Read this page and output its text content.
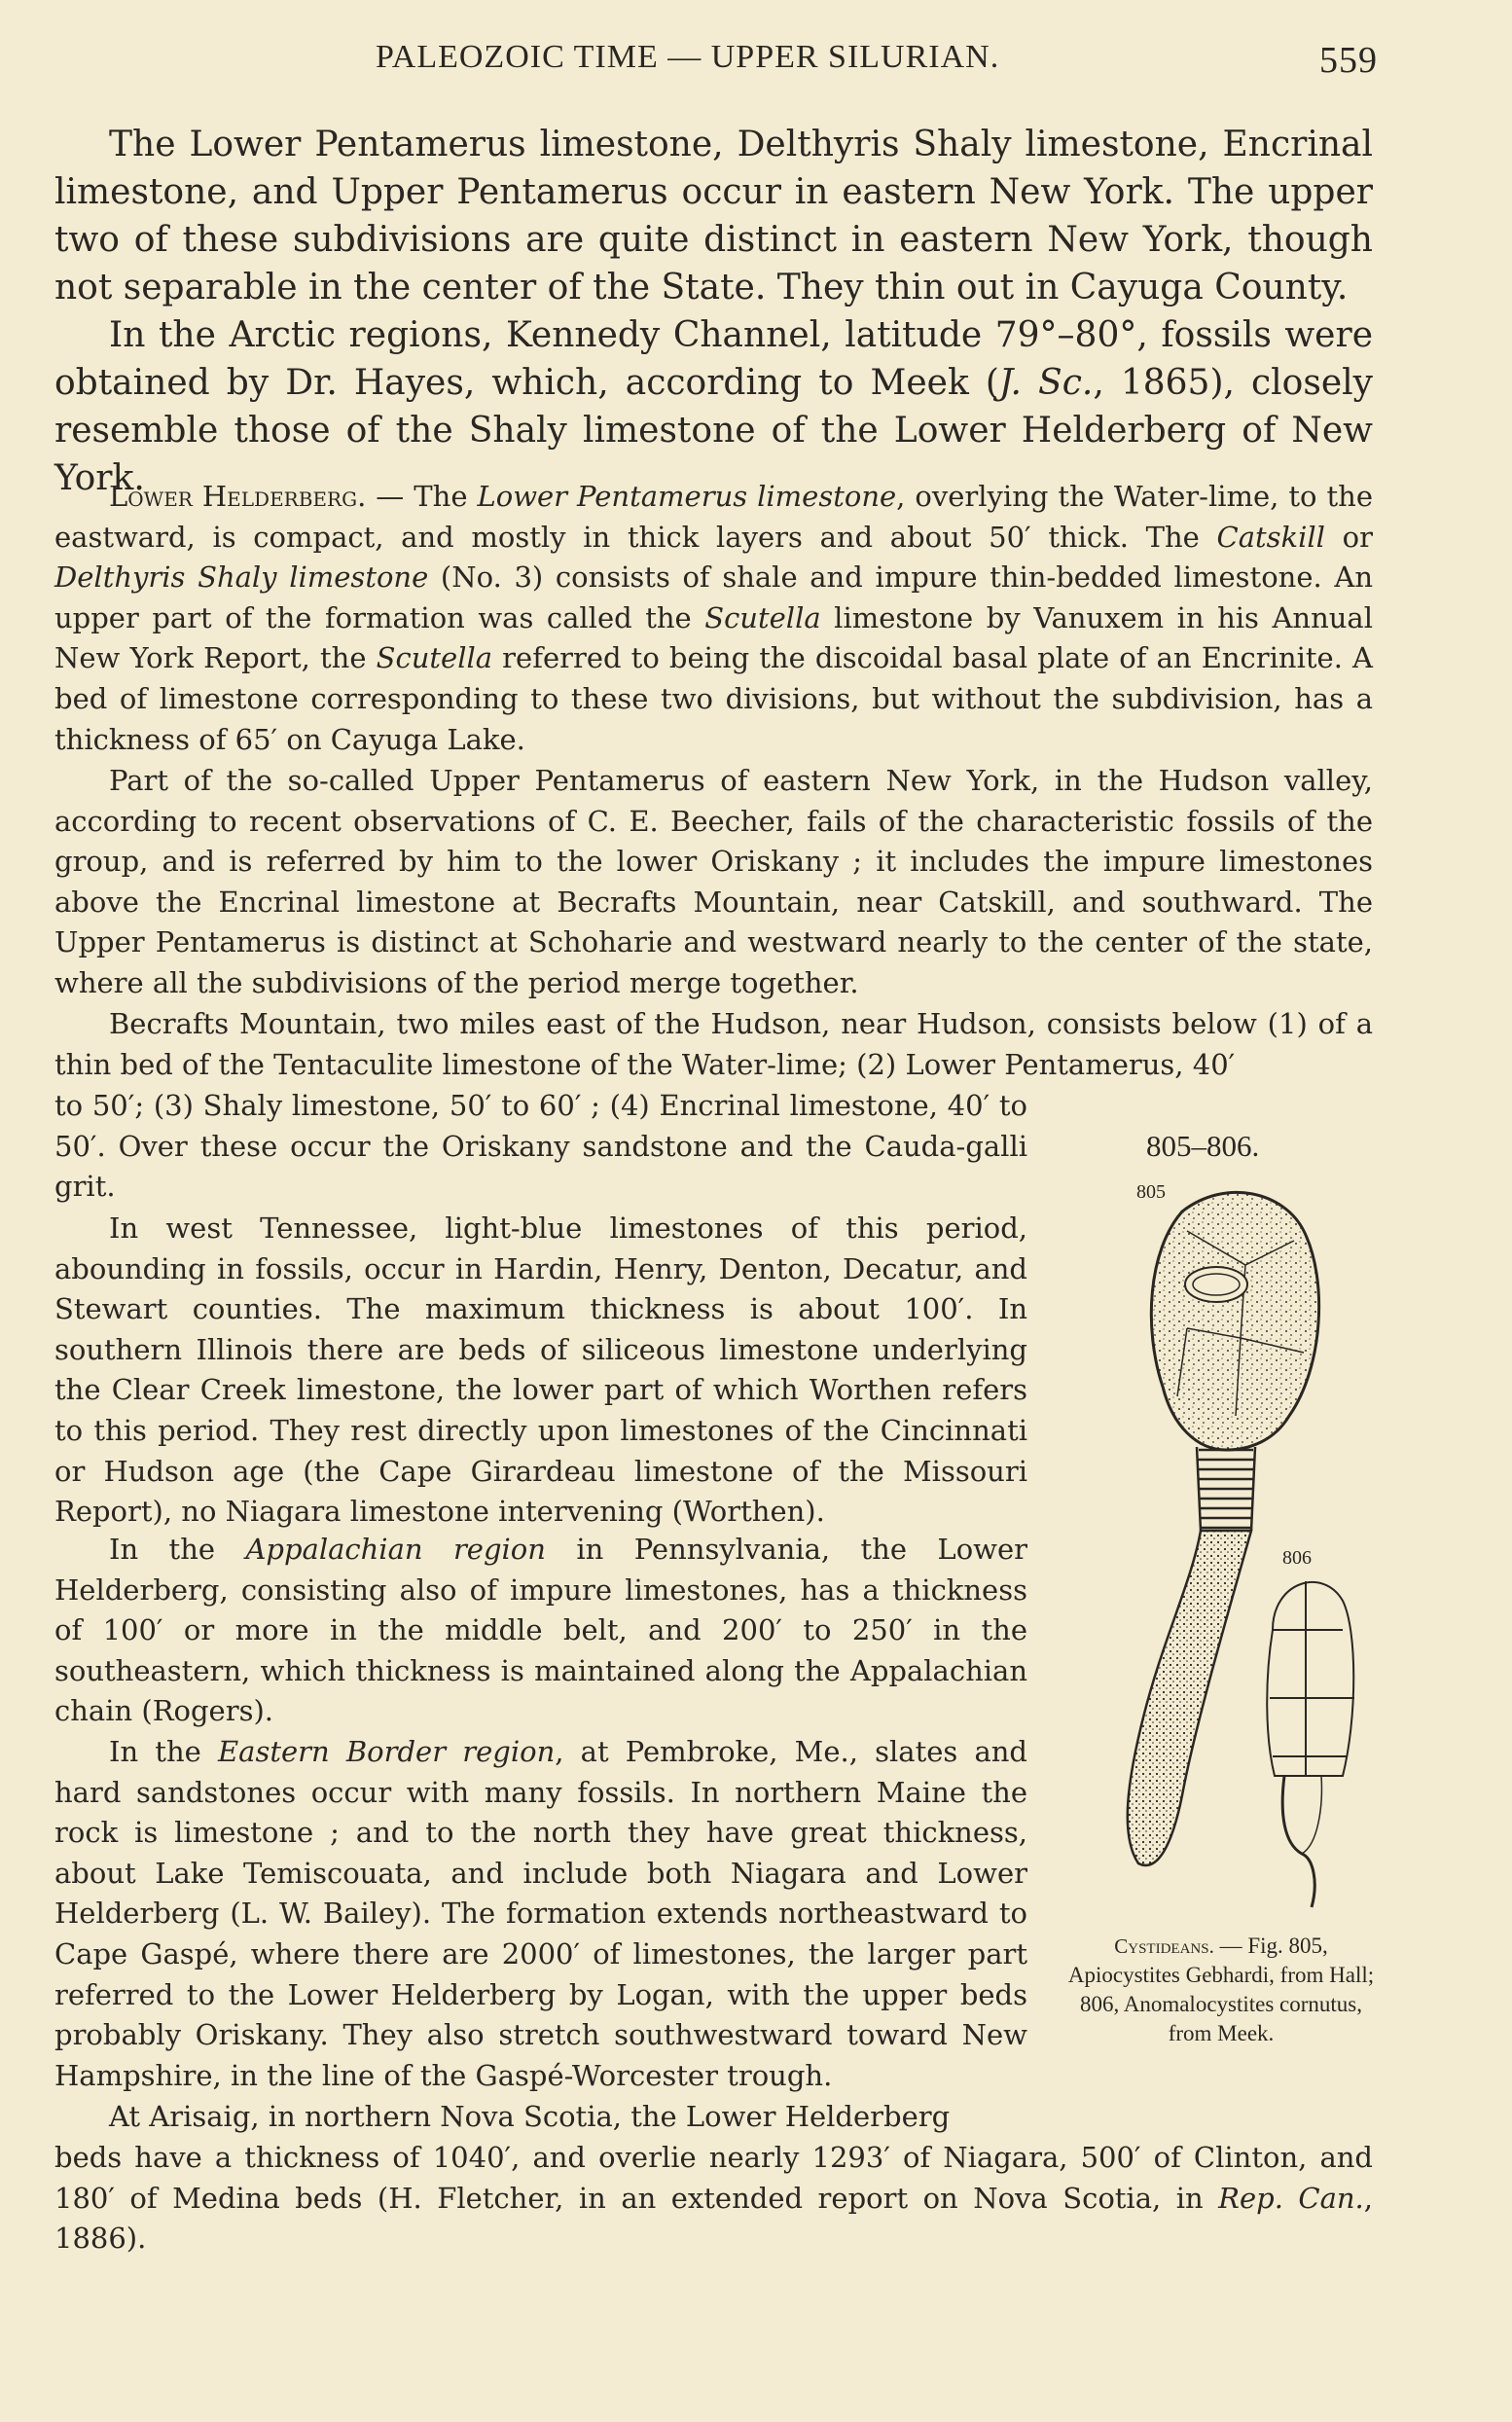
PALEOZOIC TIME — UPPER SILURIAN.	559
The Lower Pentamerus limestone, Delthyris Shaly limestone, Encrinal limestone, and Upper Pentamerus occur in eastern New York. The upper two of these subdivisions are quite distinct in eastern New York, though not separable in the center of the State. They thin out in Cayuga County.
In the Arctic regions, Kennedy Channel, latitude 79°–80°, fossils were obtained by Dr. Hayes, which, according to Meek (J. Sc., 1865), closely resemble those of the Shaly limestone of the Lower Helderberg of New York.
Lower Helderberg. — The Lower Pentamerus limestone, overlying the Water-lime, to the eastward, is compact, and mostly in thick layers and about 50′ thick. The Catskill or Delthyris Shaly limestone (No. 3) consists of shale and impure thin-bedded limestone. An upper part of the formation was called the Scutella limestone by Vanuxem in his Annual New York Report, the Scutella referred to being the discoidal basal plate of an Encrinite. A bed of limestone corresponding to these two divisions, but without the subdivision, has a thickness of 65′ on Cayuga Lake.
Part of the so-called Upper Pentamerus of eastern New York, in the Hudson valley, according to recent observations of C. E. Beecher, fails of the characteristic fossils of the group, and is referred by him to the lower Oriskany ; it includes the impure limestones above the Encrinal limestone at Becrafts Mountain, near Catskill, and southward. The Upper Pentamerus is distinct at Schoharie and westward nearly to the center of the state, where all the subdivisions of the period merge together.
Becrafts Mountain, two miles east of the Hudson, near Hudson, consists below (1) of a thin bed of the Tentaculite limestone of the Water-lime; (2) Lower Pentamerus, 40′
to 50′; (3) Shaly limestone, 50′ to 60′ ; (4) Encrinal limestone, 40′ to 50′. Over these occur the Oriskany sandstone and the Cauda-galli grit.
In west Tennessee, light-blue limestones of this period, abounding in fossils, occur in Hardin, Henry, Denton, Decatur, and Stewart counties. The maximum thickness is about 100′. In southern Illinois there are beds of siliceous limestone underlying the Clear Creek limestone, the lower part of which Worthen refers to this period. They rest directly upon limestones of the Cincinnati or Hudson age (the Cape Girardeau limestone of the Missouri Report), no Niagara limestone intervening (Worthen).
In the Appalachian region in Pennsylvania, the Lower Helderberg, consisting also of impure limestones, has a thickness of 100′ or more in the middle belt, and 200′ to 250′ in the southeastern, which thickness is maintained along the Appalachian chain (Rogers).
In the Eastern Border region, at Pembroke, Me., slates and hard sandstones occur with many fossils. In northern Maine the rock is limestone ; and to the north they have great thickness, about Lake Temiscouata, and include both Niagara and Lower Helderberg (L. W. Bailey). The formation extends northeastward to Cape Gaspé, where there are 2000′ of limestones, the larger part referred to the Lower Helderberg by Logan, with the upper beds probably Oriskany. They also stretch southwestward toward New Hampshire, in the line of the Gaspé-Worcester trough.
At Arisaig, in northern Nova Scotia, the Lower Helderberg
beds have a thickness of 1040′, and overlie nearly 1293′ of Niagara, 500′ of Clinton, and 180′ of Medina beds (H. Fletcher, in an extended report on Nova Scotia, in Rep. Can., 1886).
805–806.
805
806
Cystideans. — Fig. 805, Apiocystites Gebhardi, from Hall; 806, Anomalocystites cornutus, from Meek.
